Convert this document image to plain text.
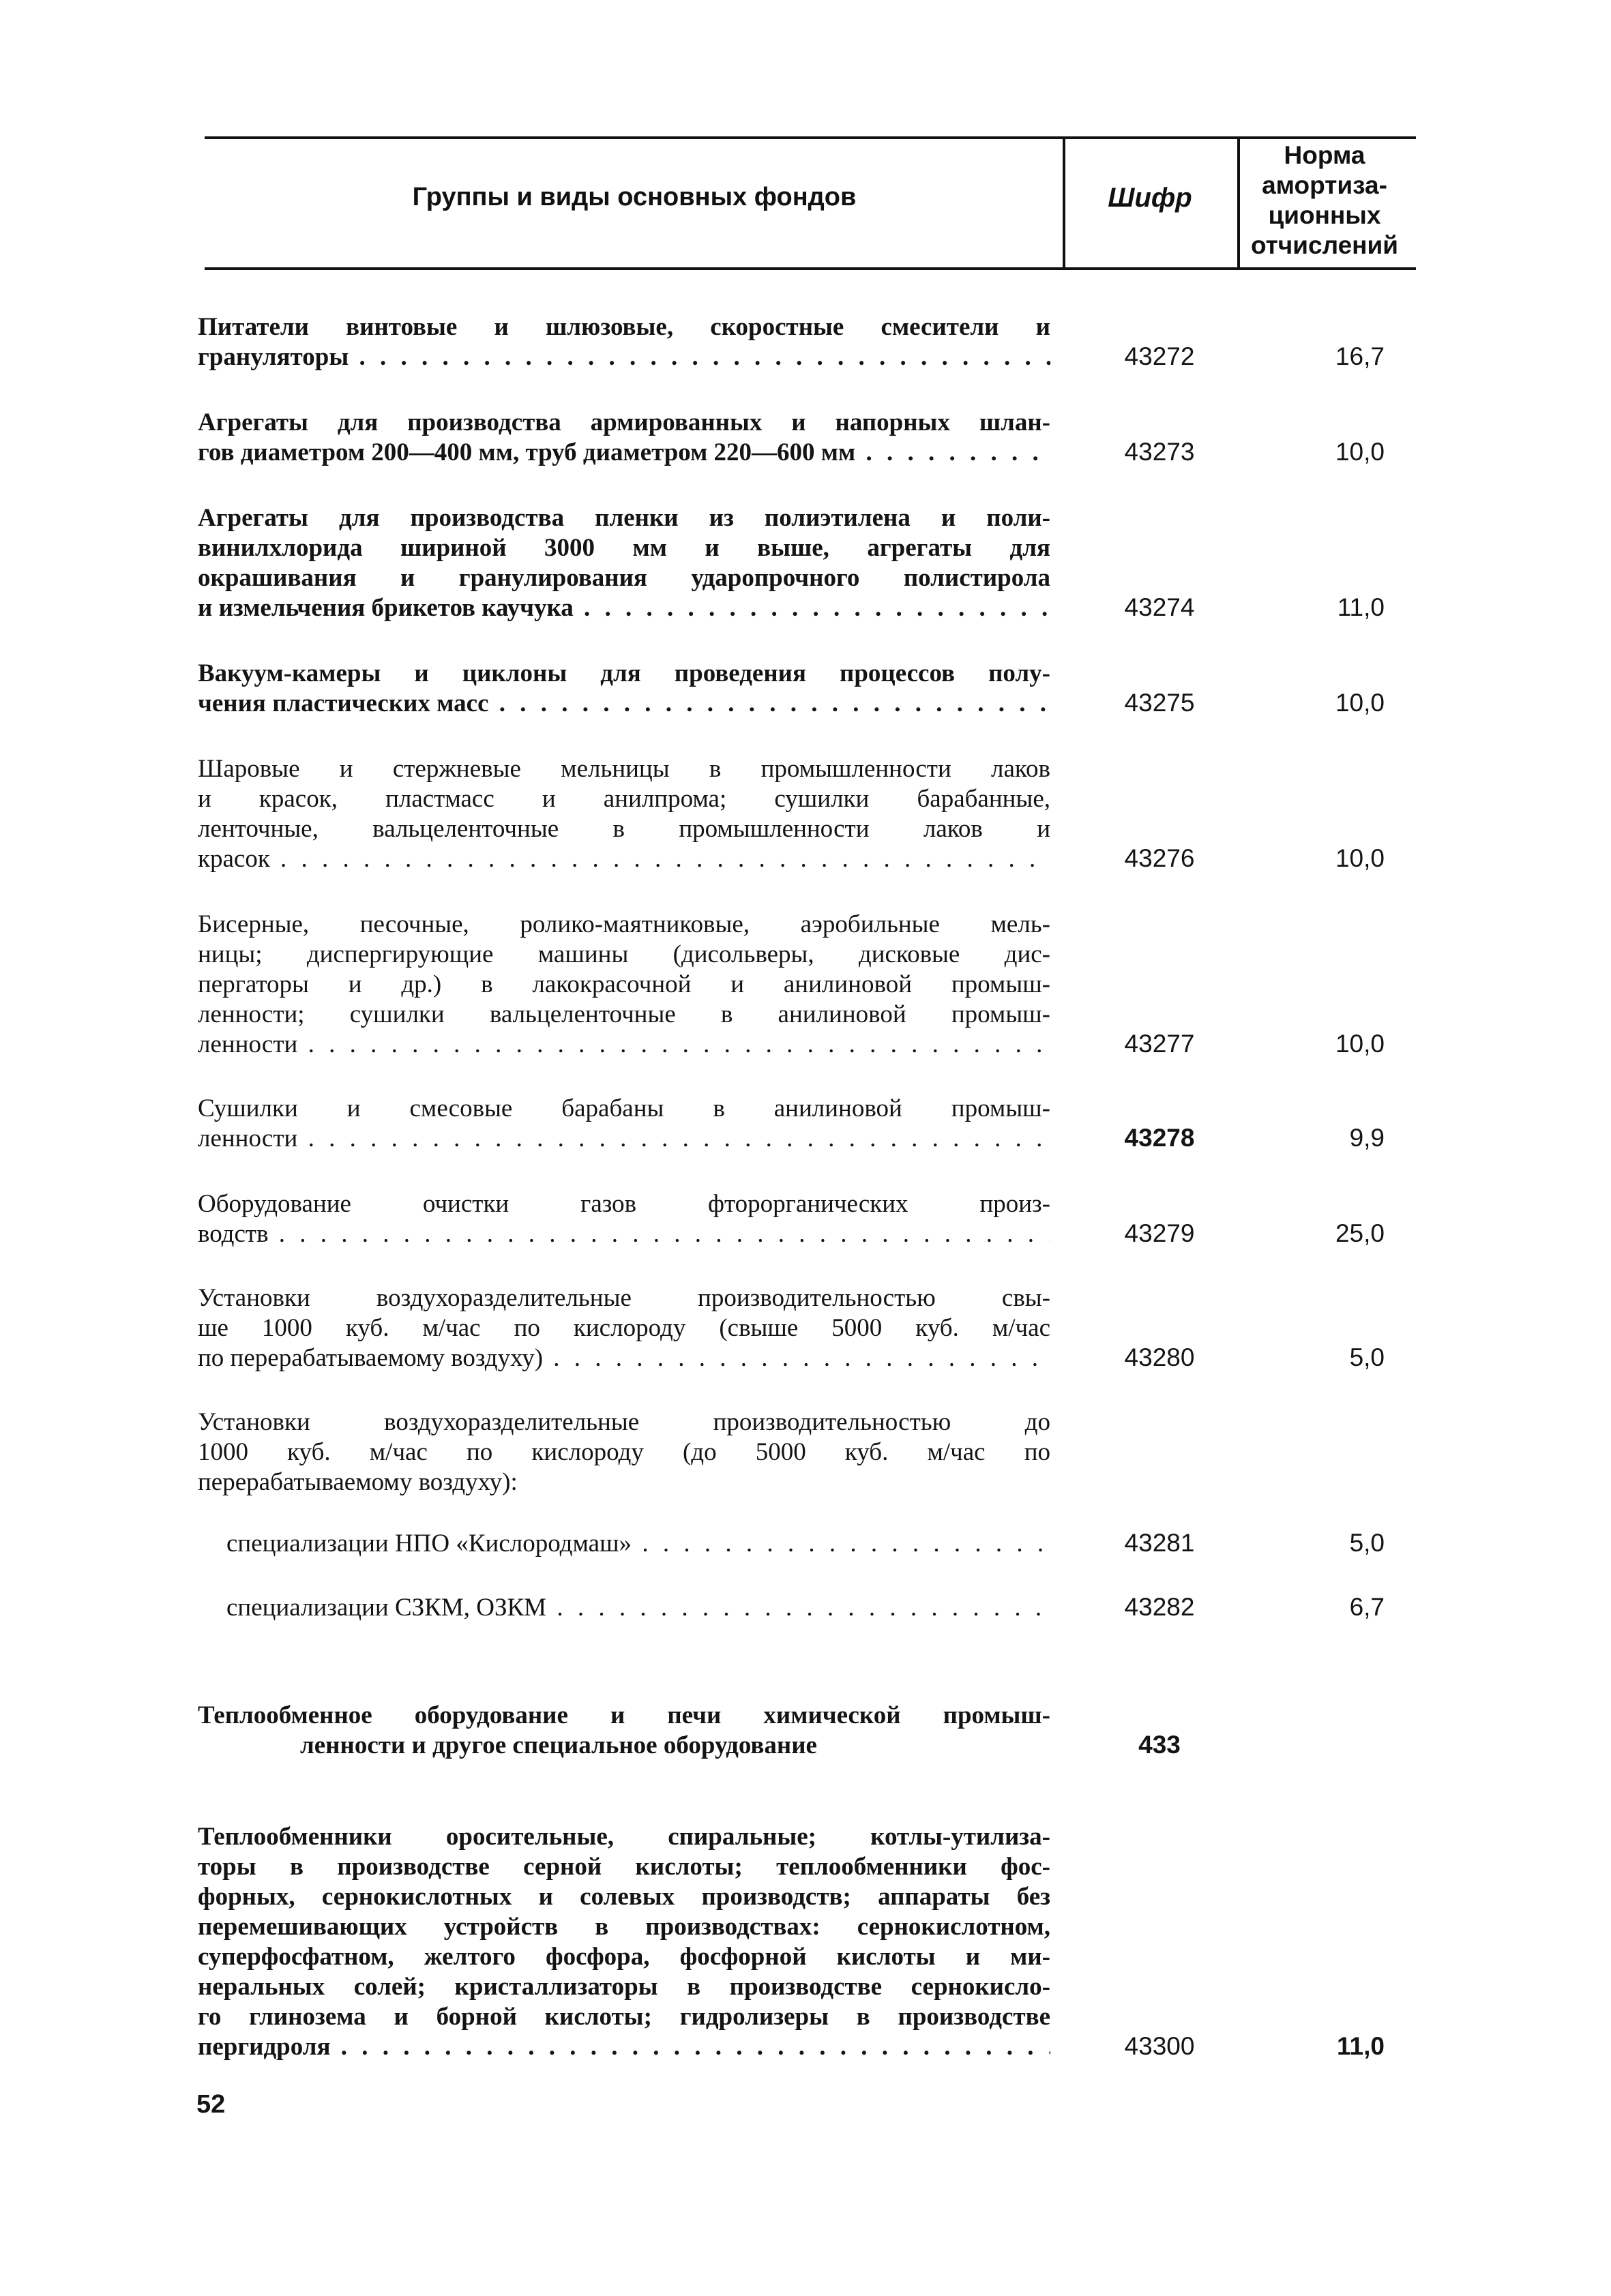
Группы и виды основных фондов	Шифр
Норма
амортиза-
ционных
отчислений
Питатели винтовые и шлюзовые, скоростные смесители и
грануляторы . . .	43272	16,7
Агрегаты для производства армированных и напорных шлан-
гов диаметром 200—400 мм, труб диаметром 220—600 мм . . .	43273	10,0
Агрегаты для производства пленки из полиэтилена и поли-
винилхлорида шириной 3000 мм и выше, агрегаты для
окрашивания и гранулирования ударопрочного полистирола
и измельчения брикетов каучука . . .	43274	11,0
Вакуум-камеры и циклоны для проведения процессов полу-
чения пластических масс . . .	43275	10,0
Шаровые и стержневые мельницы в промышленности лаков
и красок, пластмасс и анилпрома; сушилки барабанные,
ленточные, вальцеленточные в промышленности лаков и
красок . . .	43276	10,0
Бисерные, песочные, ролико-маятниковые, аэробильные мель-
ницы; диспергирующие машины (дисольверы, дисковые дис-
пергаторы и др.) в лакокрасочной и анилиновой промыш-
ленности; сушилки вальцеленточные в анилиновой промыш-
ленности . . .	43277	10,0
Сушилки и смесовые барабаны в анилиновой промыш-
ленности . . .	43278	9,9
Оборудование очистки газов фторорганических произ-
водств . . .	43279	25,0
Установки воздухоразделительные производительностью свы-
ше 1000 куб. м/час по кислороду (свыше 5000 куб. м/час
по перерабатываемому воздуху) . . .	43280	5,0
Установки воздухоразделительные производительностью до
1000 куб. м/час по кислороду (до 5000 куб. м/час по
перерабатываемому воздуху):
специализации НПО «Кислородмаш» . . .	43281	5,0
специализации СЗКМ, ОЗКМ . . .	43282	6,7
Теплообменное оборудование и печи химической промыш-
ленности и другое специальное оборудование	433
Теплообменники оросительные, спиральные; котлы-утилиза-
торы в производстве серной кислоты; теплообменники фос-
форных, сернокислотных и солевых производств; аппараты без
перемешивающих устройств в производствах: сернокислотном,
суперфосфатном, желтого фосфора, фосфорной кислоты и ми-
неральных солей; кристаллизаторы в производстве сернокисло-
го глинозема и борной кислоты; гидролизеры в производстве
пергидроля . . .	43300	11,0
52
